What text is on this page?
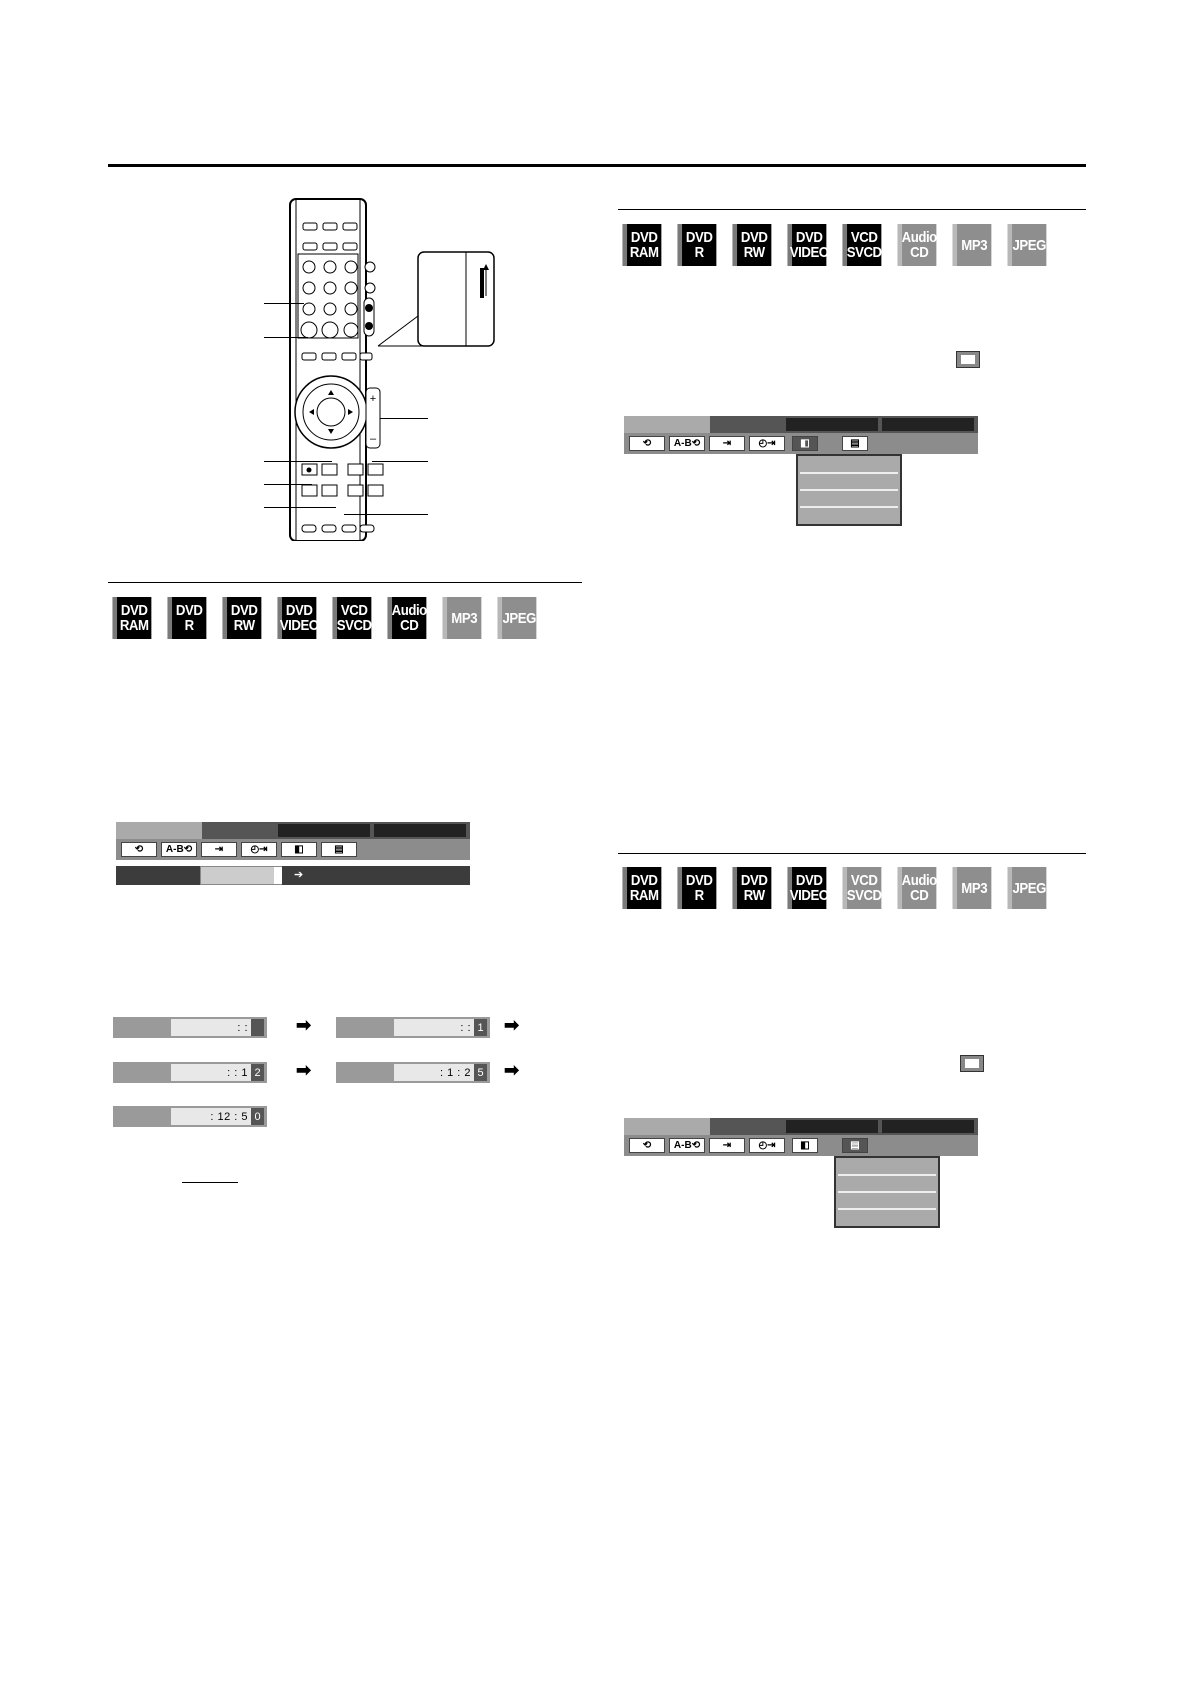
+
–
DVD
RAM
DVD
R
DVD
RW
DVD
VIDEO
VCD
SVCD
Audio
CD MP3 JPEG
⟲	A-B⟲	⇥	◴⇥	◧	▤
➔
: :	➡	: : 1 ➡
: : 1 2 ➡	: 1 : 2 5 ➡
: 12 : 5 0
DVD
RAM
DVD
R
DVD
RW
DVD
VIDEO
VCD
SVCD
Audio
CD MP3 JPEG
⟲	A-B⟲	⇥	◴⇥	◧	▤
DVD
RAM
DVD
R
DVD
RW
DVD
VIDEO
VCD
SVCD
Audio
CD MP3 JPEG
⟲	A-B⟲	⇥	◴⇥	◧	▤
